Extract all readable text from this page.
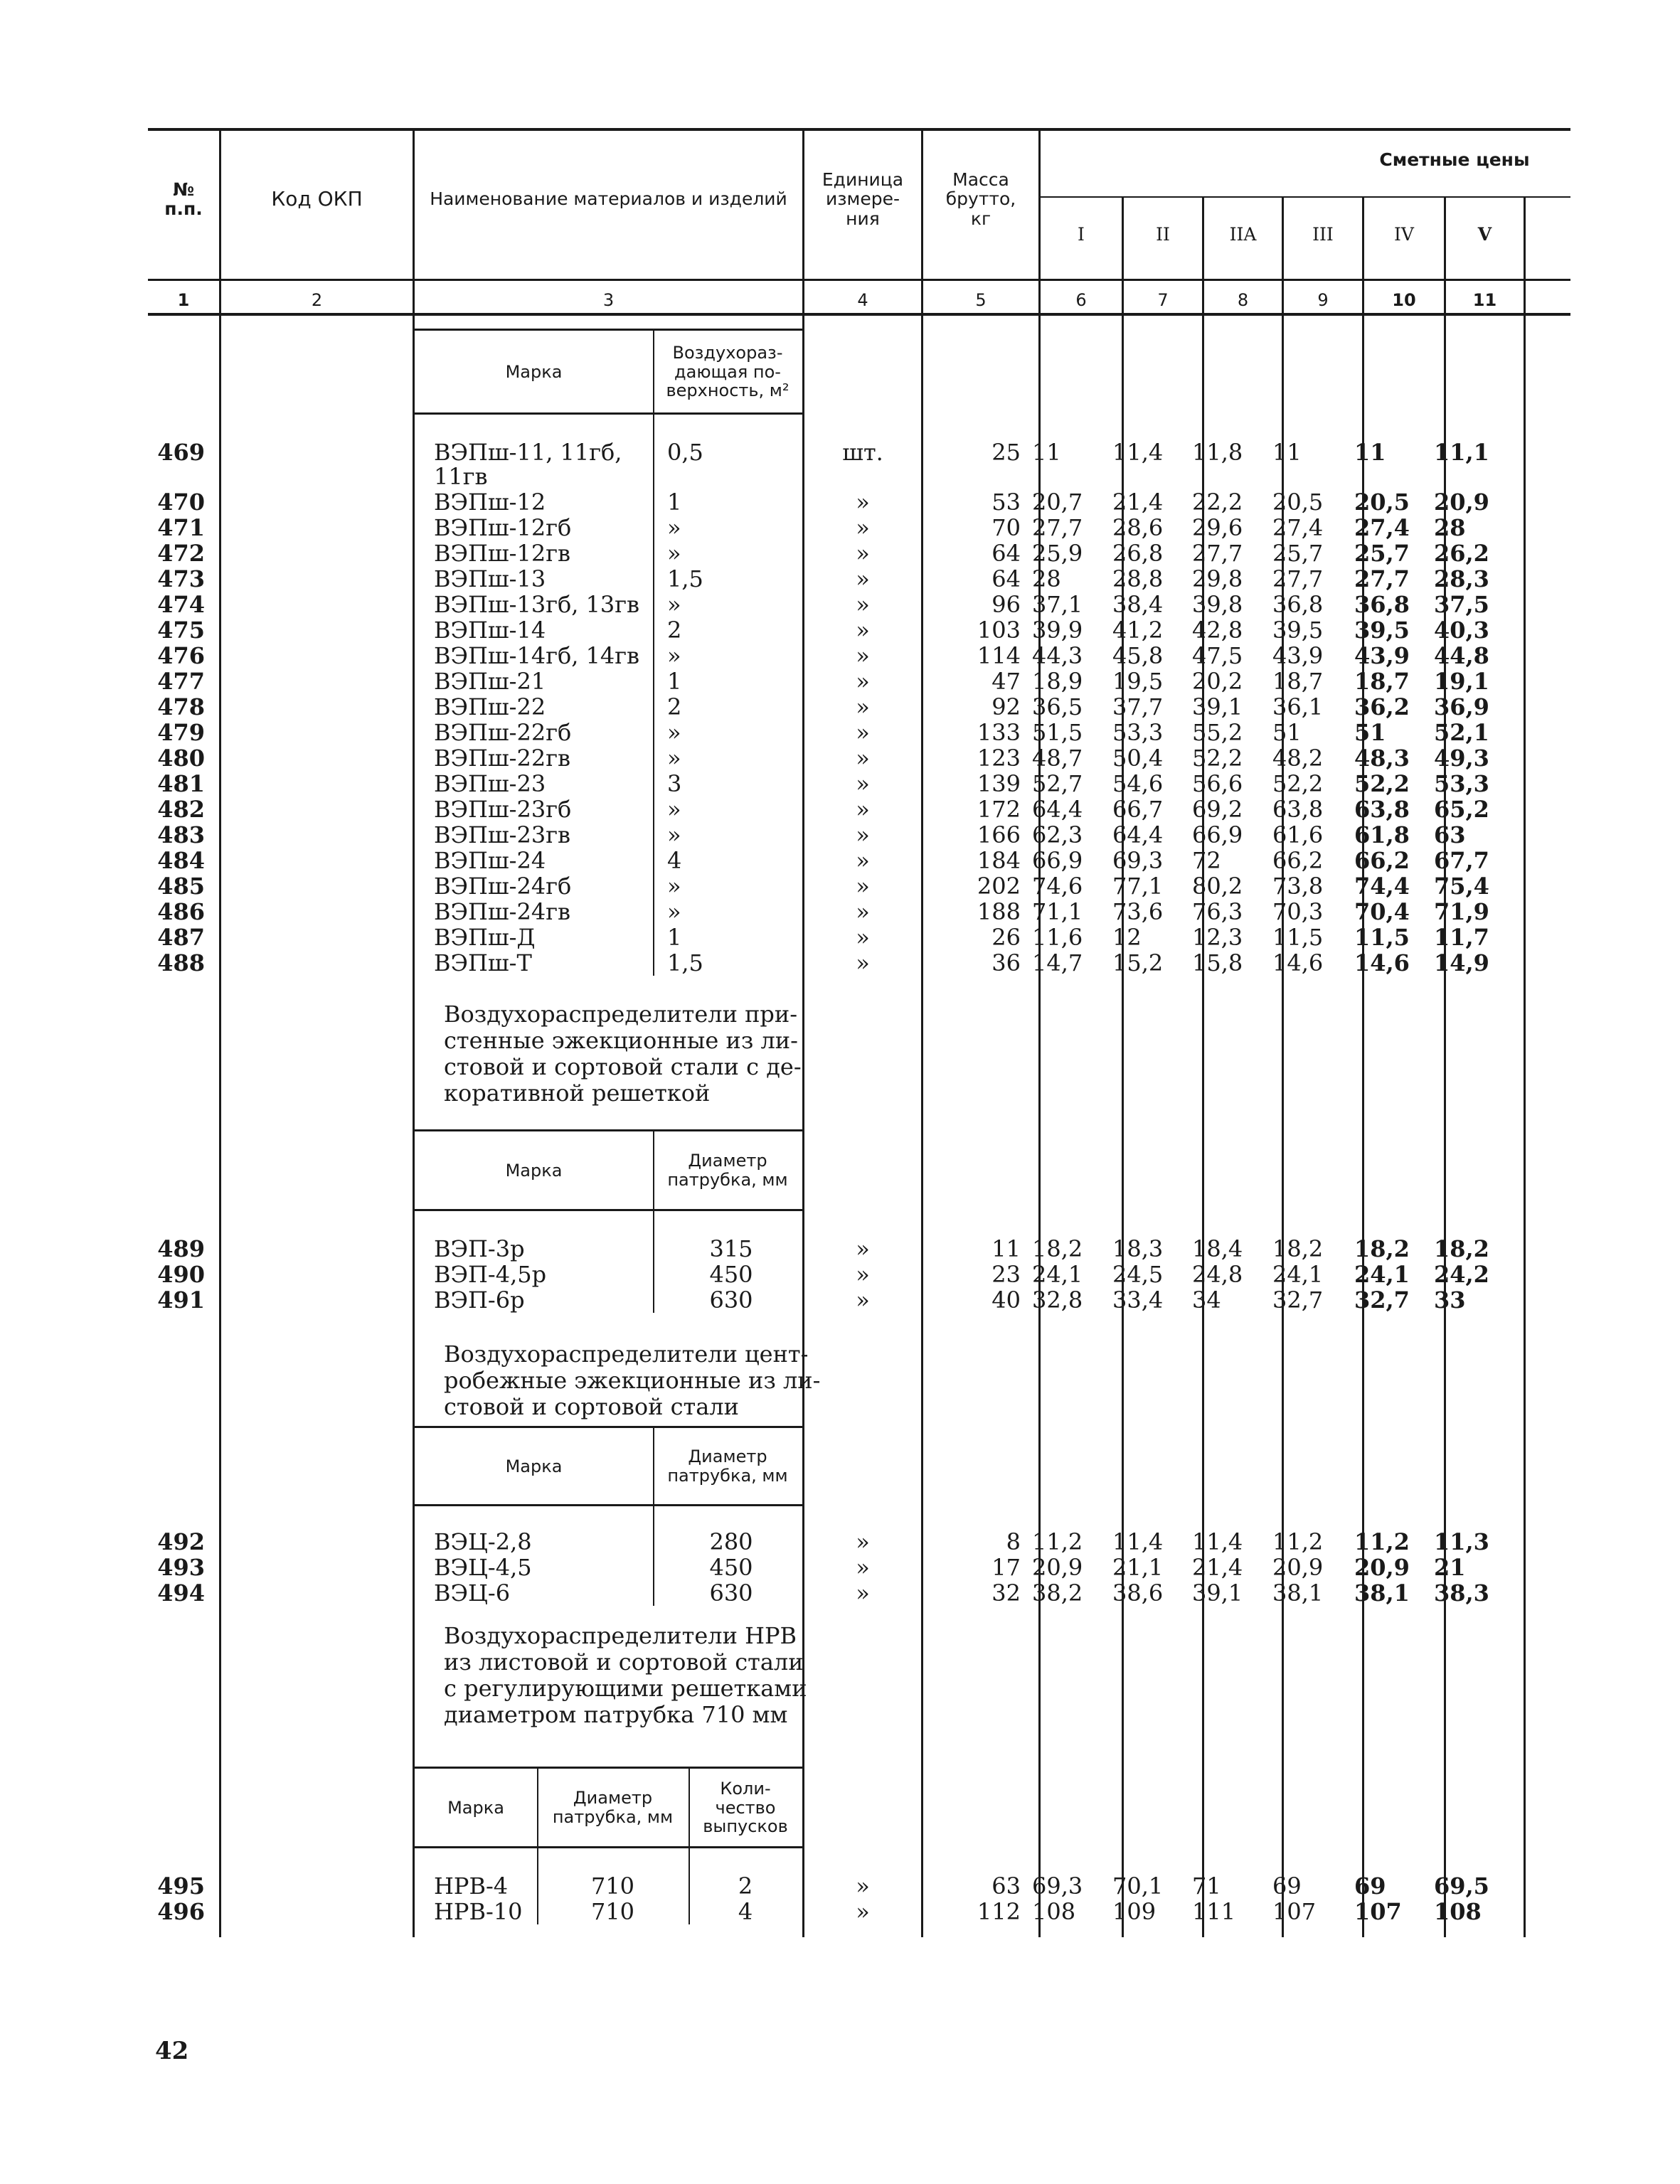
№
п.п.	Код ОКП	Наименование материалов и изделий
Единица
измере-
ния
Масса
брутто,
кг
Сметные цены
I	II	IIA	III	IV	V
1	2	3	4	5	6	7	8	9	10	11
Марка
Воздухораз-
дающая по-
верхность, м²
469	ВЭПш-11, 11гб,
11гв
0,5	шт.	25 11 11,4 11,8 11 11 11,1
470	ВЭПш-12	1	»	53 20,7 21,4 22,2 20,5 20,5 20,9
471	ВЭПш-12гб	»	»	70 27,7 28,6 29,6 27,4 27,4 28
472	ВЭПш-12гв	»	»	64 25,9 26,8 27,7 25,7 25,7 26,2
473	ВЭПш-13	1,5	»	64 28 28,8 29,8 27,7 27,7 28,3
474	ВЭПш-13гб, 13гв »	»	96 37,1 38,4 39,8 36,8 36,8 37,5
475	ВЭПш-14	2	»	103 39,9 41,2 42,8 39,5 39,5 40,3
476	ВЭПш-14гб, 14гв »	»	114 44,3 45,8 47,5 43,9 43,9 44,8
477	ВЭПш-21	1	»	47 18,9 19,5 20,2 18,7 18,7 19,1
478	ВЭПш-22	2	»	92 36,5 37,7 39,1 36,1 36,2 36,9
479	ВЭПш-22гб	»	»	133 51,5 53,3 55,2 51 51 52,1
480	ВЭПш-22гв	»	»	123 48,7 50,4 52,2 48,2 48,3 49,3
481	ВЭПш-23	3	»	139 52,7 54,6 56,6 52,2 52,2 53,3
482	ВЭПш-23гб	»	»	172 64,4 66,7 69,2 63,8 63,8 65,2
483	ВЭПш-23гв	»	»	166 62,3 64,4 66,9 61,6 61,8 63
484	ВЭПш-24	4	»	184 66,9 69,3 72 66,2 66,2 67,7
485	ВЭПш-24гб	»	»	202 74,6 77,1 80,2 73,8 74,4 75,4
486	ВЭПш-24гв	»	»	188 71,1 73,6 76,3 70,3 70,4 71,9
487	ВЭПш-Д	1	»	26 11,6 12 12,3 11,5 11,5 11,7
488	ВЭПш-Т	1,5	»	36 14,7 15,2 15,8 14,6 14,6 14,9
Воздухораспределители при-
стенные эжекционные из ли-
стовой и сортовой стали с де-
коративной решеткой
Марка	Диаметр
патрубка, мм
489	ВЭП-3р	315	»	11 18,2 18,3 18,4 18,2 18,2 18,2
490	ВЭП-4,5р	450	»	23 24,1 24,5 24,8 24,1 24,1 24,2
491	ВЭП-6р	630	»	40 32,8 33,4 34 32,7 32,7 33
Воздухораспределители цент-
робежные эжекционные из ли-
стовой и сортовой стали
Марка	Диаметр
патрубка, мм
492	ВЭЦ-2,8	280	»	8 11,2 11,4 11,4 11,2 11,2 11,3
493	ВЭЦ-4,5	450	»	17 20,9 21,1 21,4 20,9 20,9 21
494	ВЭЦ-6	630	»	32 38,2 38,6 39,1 38,1 38,1 38,3
Воздухораспределители НРВ
из листовой и сортовой стали
с регулирующими решетками
диаметром патрубка 710 мм
Марка	Диаметр
патрубка, мм
Коли-
чество
выпусков
495	НРВ-4	710	2	»	63 69,3 70,1 71 69 69 69,5
496	НРВ-10	710	4	»	112 108 109 111 107 107 108
42
